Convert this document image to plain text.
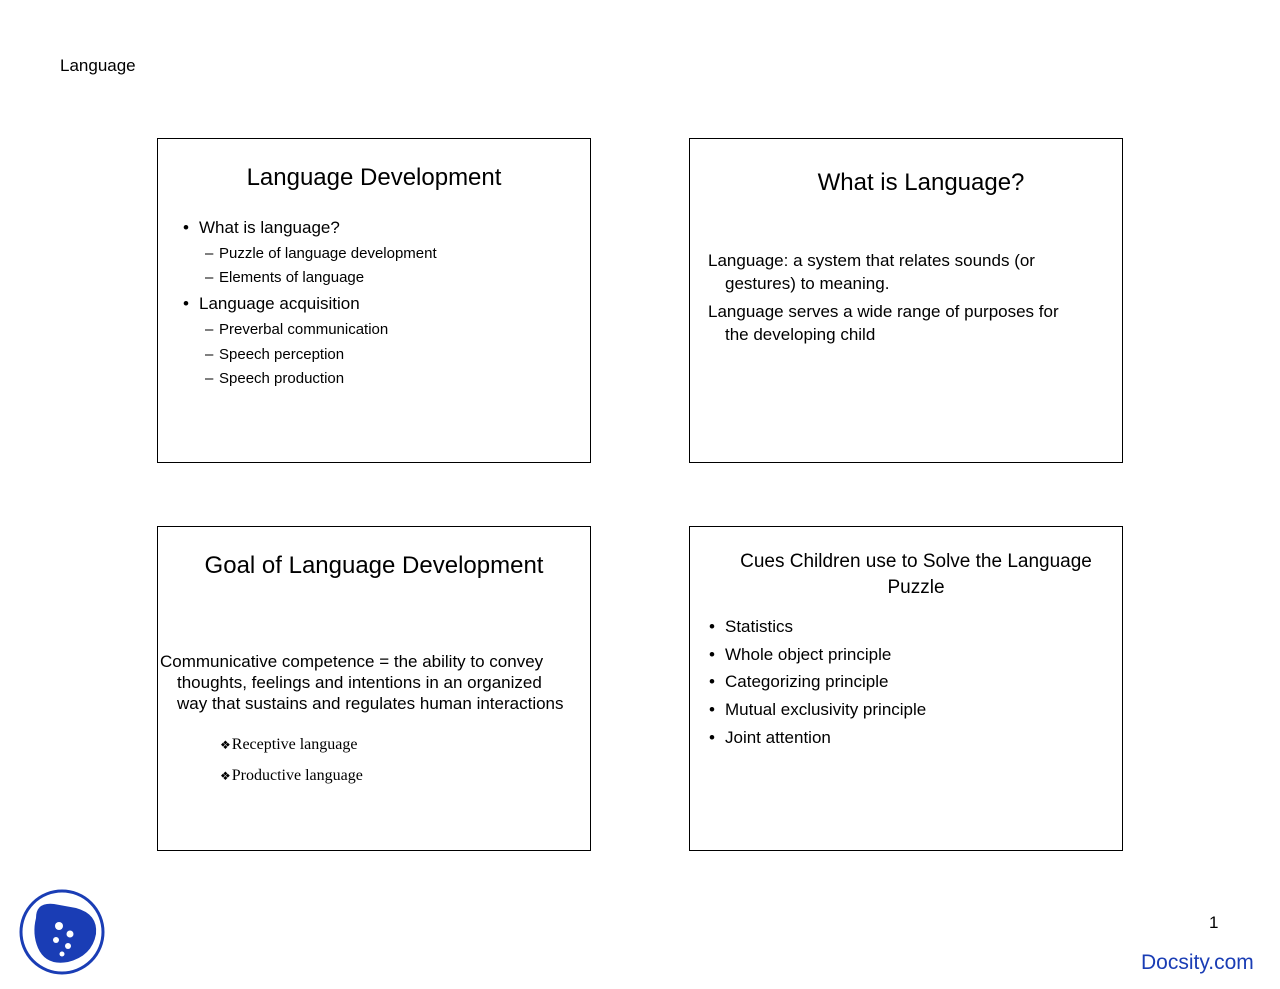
Language
Language Development
• What is language?
– Puzzle of language development
– Elements of language
• Language acquisition
– Preverbal communication
– Speech perception
– Speech production
What is Language?
Language: a system that relates sounds (or
gestures) to meaning.
Language serves a wide range of purposes for
the developing child
Goal of Language Development
Communicative competence = the ability to convey
thoughts, feelings and intentions in an organized
way that sustains and regulates human interactions
❖ Receptive language
❖ Productive language
Cues Children use to Solve the Language Puzzle
• Statistics
• Whole object principle
• Categorizing principle
• Mutual exclusivity principle
• Joint attention
1
Docsity.com
